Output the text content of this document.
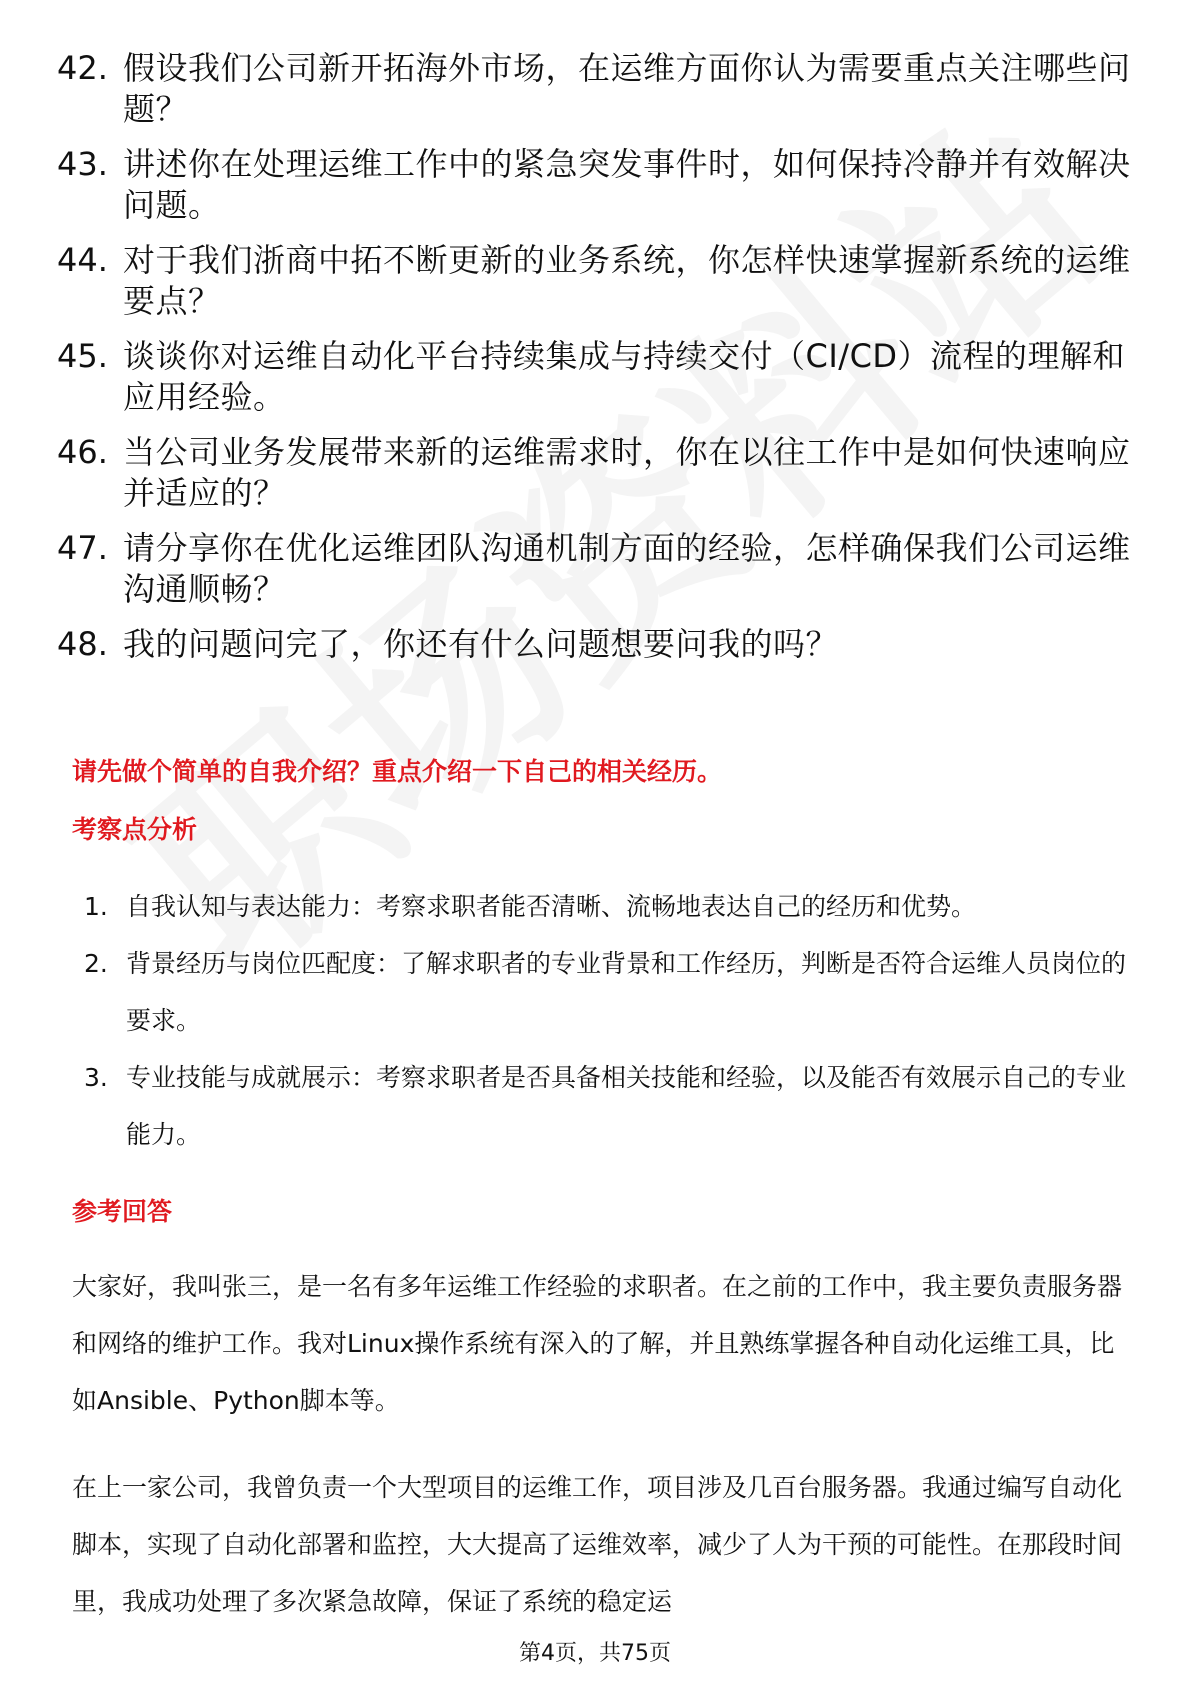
42. 假设我们公司新开拓海外市场，在运维方面你认为需要重点关注哪些问题？
43. 讲述你在处理运维工作中的紧急突发事件时，如何保持冷静并有效解决问题。
44. 对于我们浙商中拓不断更新的业务系统，你怎样快速掌握新系统的运维要点？
45. 谈谈你对运维自动化平台持续集成与持续交付（CI/CD）流程的理解和应用经验。
46. 当公司业务发展带来新的运维需求时，你在以往工作中是如何快速响应并适应的？
47. 请分享你在优化运维团队沟通机制方面的经验，怎样确保我们公司运维沟通顺畅？
48. 我的问题问完了，你还有什么问题想要问我的吗？
请先做个简单的自我介绍？重点介绍一下自己的相关经历。
考察点分析
1. 自我认知与表达能力：考察求职者能否清晰、流畅地表达自己的经历和优势。
2. 背景经历与岗位匹配度：了解求职者的专业背景和工作经历，判断是否符合运维人员岗位的要求。
3. 专业技能与成就展示：考察求职者是否具备相关技能和经验，以及能否有效展示自己的专业能力。
参考回答

大家好，我叫张三，是一名有多年运维工作经验的求职者。在之前的工作中，我主要负责服务器和网络的维护工作。我对Linux操作系统有深入的了解，并且熟练掌握各种自动化运维工具，比如Ansible、Python脚本等。

在上一家公司，我曾负责一个大型项目的运维工作，项目涉及几百台服务器。我通过编写自动化脚本，实现了自动化部署和监控，大大提高了运维效率，减少了人为干预的可能性。在那段时间里，我成功处理了多次紧急故障，保证了系统的稳定运

第4页，共75页
